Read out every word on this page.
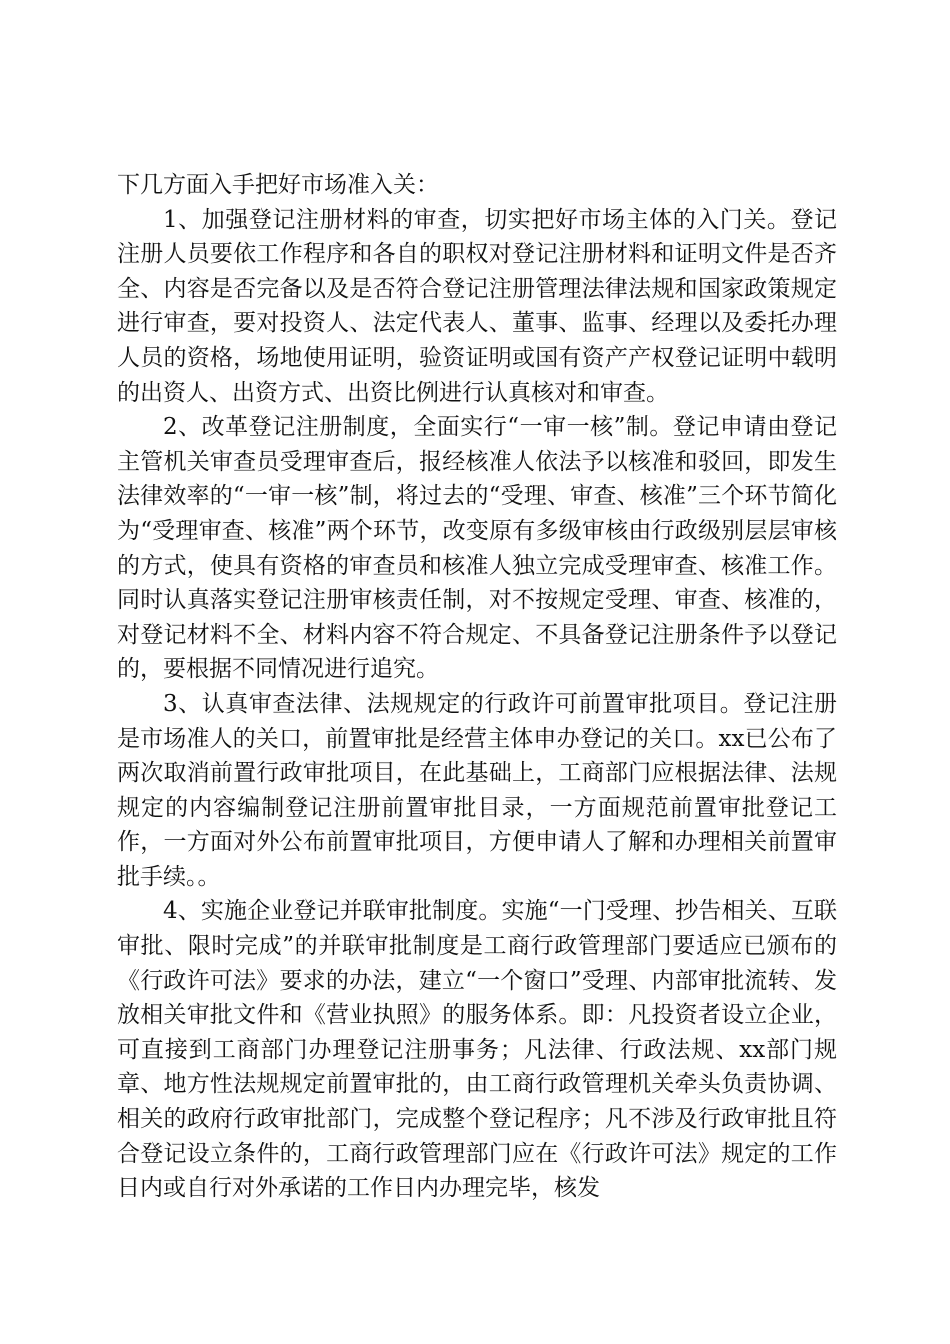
下几方面入手把好市场准入关：

1、加强登记注册材料的审查，切实把好市场主体的入门关。登记注册人员要依工作程序和各自的职权对登记注册材料和证明文件是否齐全、内容是否完备以及是否符合登记注册管理法律法规和国家政策规定进行审查，要对投资人、法定代表人、董事、监事、经理以及委托办理人员的资格，场地使用证明，验资证明或国有资产产权登记证明中载明的出资人、出资方式、出资比例进行认真核对和审查。

2、改革登记注册制度，全面实行“一审一核”制。登记申请由登记主管机关审查员受理审查后，报经核准人依法予以核准和驳回，即发生法律效率的“一审一核”制，将过去的“受理、审查、核准”三个环节简化为“受理审查、核准”两个环节，改变原有多级审核由行政级别层层审核的方式，使具有资格的审查员和核准人独立完成受理审查、核准工作。同时认真落实登记注册审核责任制，对不按规定受理、审查、核准的，对登记材料不全、材料内容不符合规定、不具备登记注册条件予以登记的，要根据不同情况进行追究。

3、认真审查法律、法规规定的行政许可前置审批项目。登记注册是市场准人的关口，前置审批是经营主体申办登记的关口。xx已公布了两次取消前置行政审批项目，在此基础上，工商部门应根据法律、法规规定的内容编制登记注册前置审批目录，一方面规范前置审批登记工作，一方面对外公布前置审批项目，方便申请人了解和办理相关前置审批手续。。

4、实施企业登记并联审批制度。实施“一门受理、抄告相关、互联审批、限时完成”的并联审批制度是工商行政管理部门要适应已颁布的《行政许可法》要求的办法，建立“一个窗口”受理、内部审批流转、发放相关审批文件和《营业执照》的服务体系。即：凡投资者设立企业，可直接到工商部门办理登记注册事务；凡法律、行政法规、xx部门规章、地方性法规规定前置审批的，由工商行政管理机关牵头负责协调、相关的政府行政审批部门，完成整个登记程序；凡不涉及行政审批且符合登记设立条件的，工商行政管理部门应在《行政许可法》规定的工作日内或自行对外承诺的工作日内办理完毕，核发
